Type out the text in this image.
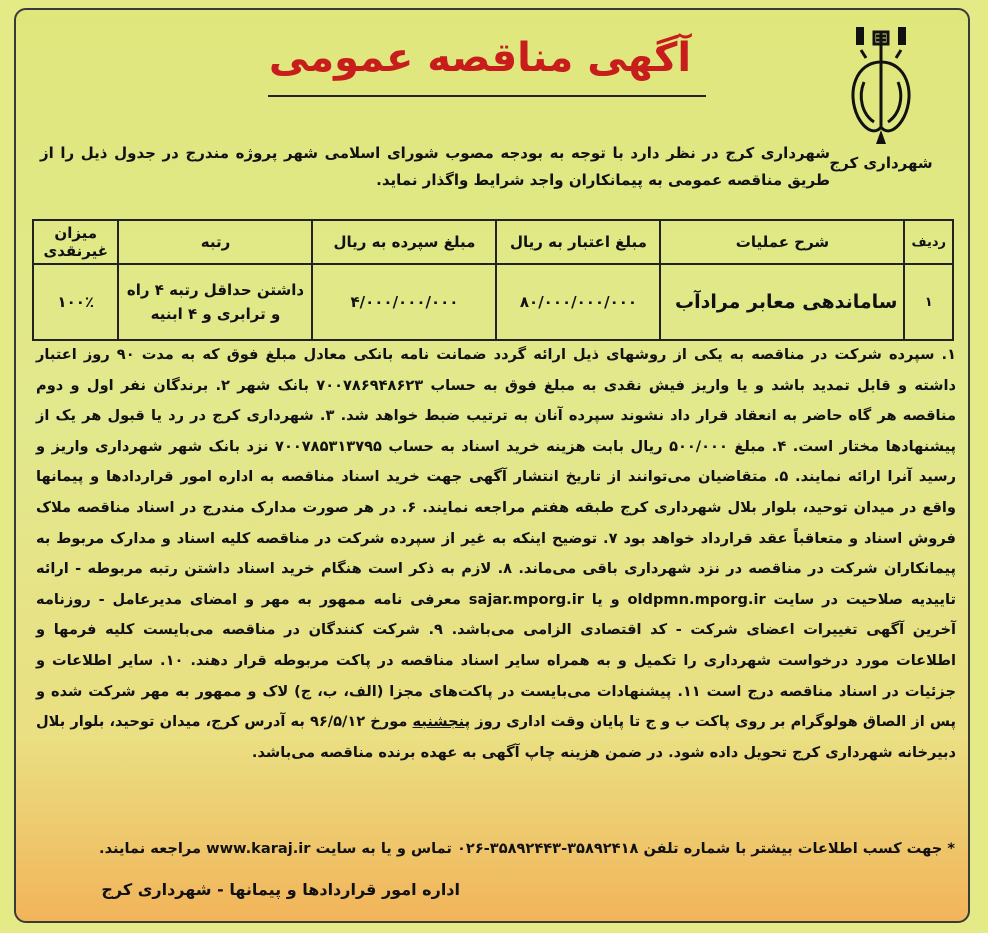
شهرداری کرج
آگهی مناقصه عمومی
شهرداری کرج در نظر دارد با توجه به بودجه مصوب شورای اسلامی شهر پروژه مندرج در جدول ذیل را از طریق مناقصه عمومی به پیمانکاران واجد شرایط واگذار نماید.
ردیف	شرح عملیات	مبلغ اعتبار به ریال	مبلغ سپرده به ریال	رتبه	میزان غیرنقدی
۱	ساماندهی معابر مرادآب	۸۰/۰۰۰/۰۰۰/۰۰۰	۴/۰۰۰/۰۰۰/۰۰۰	داشتن حداقل رتبه ۴ راه و ترابری و ۴ ابنیه	۱۰۰٪
۱. سپرده شرکت در مناقصه به یکی از روشهای ذیل ارائه گردد ضمانت نامه بانکی معادل مبلغ فوق که به مدت ۹۰ روز اعتبار داشته و قابل تمدید باشد و یا واریز فیش نقدی به مبلغ فوق به حساب ۷۰۰۷۸۶۹۴۸۶۲۳ بانک شهر ۲. برندگان نفر اول و دوم مناقصه هر گاه حاضر به انعقاد قرار داد نشوند سپرده آنان به ترتیب ضبط خواهد شد. ۳. شهرداری کرج در رد یا قبول هر یک از پیشنهادها مختار است. ۴. مبلغ ۵۰۰/۰۰۰ ریال بابت هزینه خرید اسناد به حساب ۷۰۰۷۸۵۳۱۳۷۹۵ نزد بانک شهر شهرداری واریز و رسید آنرا ارائه نمایند. ۵. متقاضیان می‌توانند از تاریخ انتشار آگهی جهت خرید اسناد مناقصه به اداره امور قراردادها و پیمانها واقع در میدان توحید، بلوار بلال شهرداری کرج طبقه هفتم مراجعه نمایند. ۶. در هر صورت مدارک مندرج در اسناد مناقصه ملاک فروش اسناد و متعاقباً عقد قرارداد خواهد بود ۷. توضیح اینکه به غیر از سپرده شرکت در مناقصه کلیه اسناد و مدارک مربوط به پیمانکاران شرکت در مناقصه در نزد شهرداری باقی می‌ماند. ۸. لازم به ذکر است هنگام خرید اسناد داشتن رتبه مربوطه - ارائه تاییدیه صلاحیت در سایت oldpmn.mporg.ir و یا sajar.mporg.ir معرفی نامه ممهور به مهر و امضای مدیرعامل - روزنامه آخرین آگهی تغییرات اعضای شرکت - کد اقتصادی الزامی می‌باشد. ۹. شرکت کنندگان در مناقصه می‌بایست کلیه فرمها و اطلاعات مورد درخواست شهرداری را تکمیل و به همراه سایر اسناد مناقصه در پاکت مربوطه قرار دهند. ۱۰. سایر اطلاعات و جزئیات در اسناد مناقصه درج است ۱۱. پیشنهادات می‌بایست در پاکت‌های مجزا (الف، ب، ج) لاک و ممهور به مهر شرکت شده و پس از الصاق هولوگرام بر روی پاکت ب و ج تا پایان وقت اداری روز پنجشنبه مورخ ۹۶/۵/۱۲ به آدرس کرج، میدان توحید، بلوار بلال دبیرخانه شهرداری کرج تحویل داده شود. در ضمن هزینه چاپ آگهی به عهده برنده مناقصه می‌باشد.
* جهت کسب اطلاعات بیشتر با شماره تلفن ۳۵۸۹۲۴۱۸-۳۵۸۹۲۴۴۳-۰۲۶ تماس و یا به سایت www.karaj.ir مراجعه نمایند.
اداره امور قراردادها و پیمانها - شهرداری کرج
